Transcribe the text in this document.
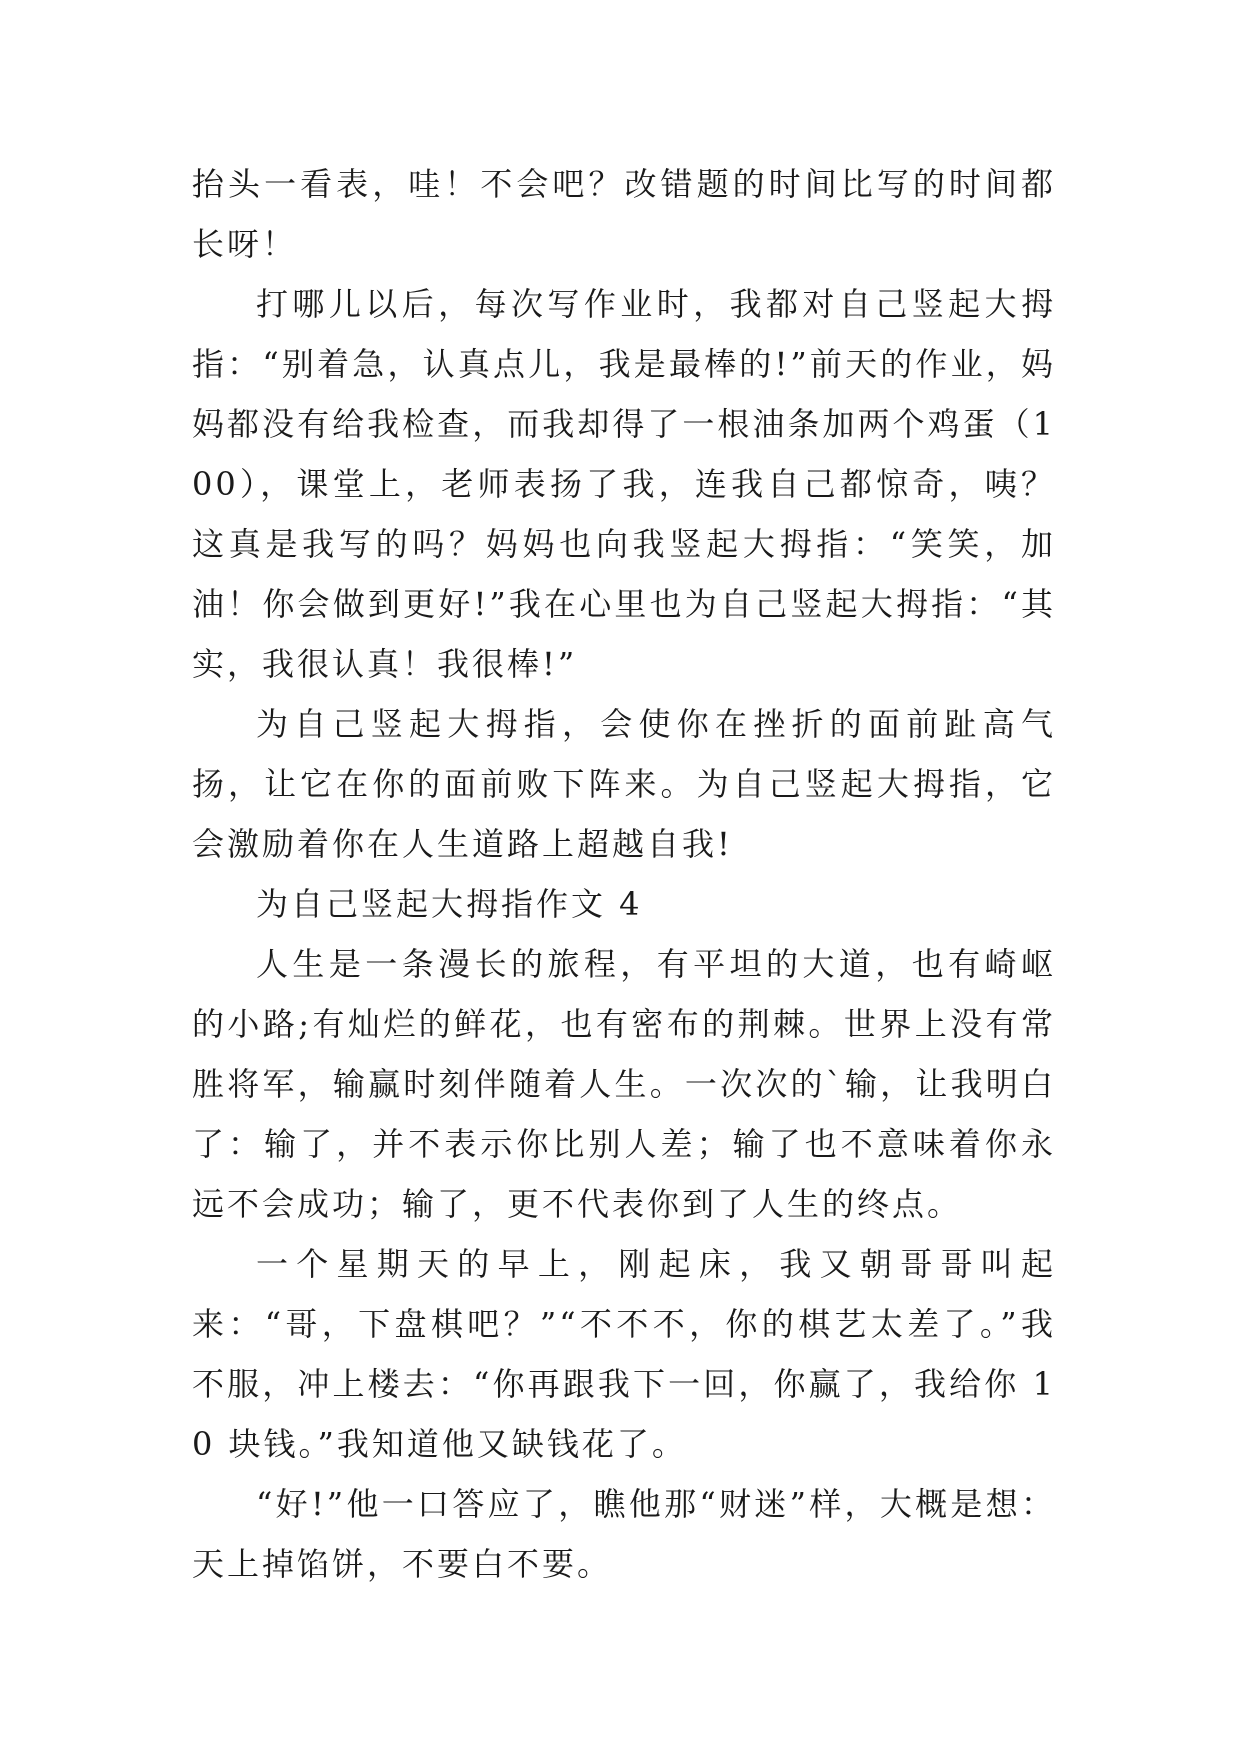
抬头一看表，哇！不会吧？改错题的时间比写的时间都长呀！

打哪儿以后，每次写作业时，我都对自己竖起大拇指：“别着急，认真点儿，我是最棒的!”前天的作业，妈妈都没有给我检查，而我却得了一根油条加两个鸡蛋（100），课堂上，老师表扬了我，连我自己都惊奇，咦？这真是我写的吗？妈妈也向我竖起大拇指：“笑笑，加油！你会做到更好!”我在心里也为自己竖起大拇指：“其实，我很认真！我很棒!”

为自己竖起大拇指，会使你在挫折的面前趾高气扬，让它在你的面前败下阵来。为自己竖起大拇指，它会激励着你在人生道路上超越自我!

为自己竖起大拇指作文 4

人生是一条漫长的旅程，有平坦的大道，也有崎岖的小路;有灿烂的鲜花，也有密布的荆棘。世界上没有常胜将军，输赢时刻伴随着人生。一次次的`输，让我明白了：输了，并不表示你比别人差；输了也不意味着你永远不会成功；输了，更不代表你到了人生的终点。

一个星期天的早上，刚起床，我又朝哥哥叫起来：“哥，下盘棋吧？”“不不不，你的棋艺太差了。”我不服，冲上楼去：“你再跟我下一回，你赢了，我给你 10 块钱。”我知道他又缺钱花了。

“好!”他一口答应了，瞧他那“财迷”样，大概是想：天上掉馅饼，不要白不要。
